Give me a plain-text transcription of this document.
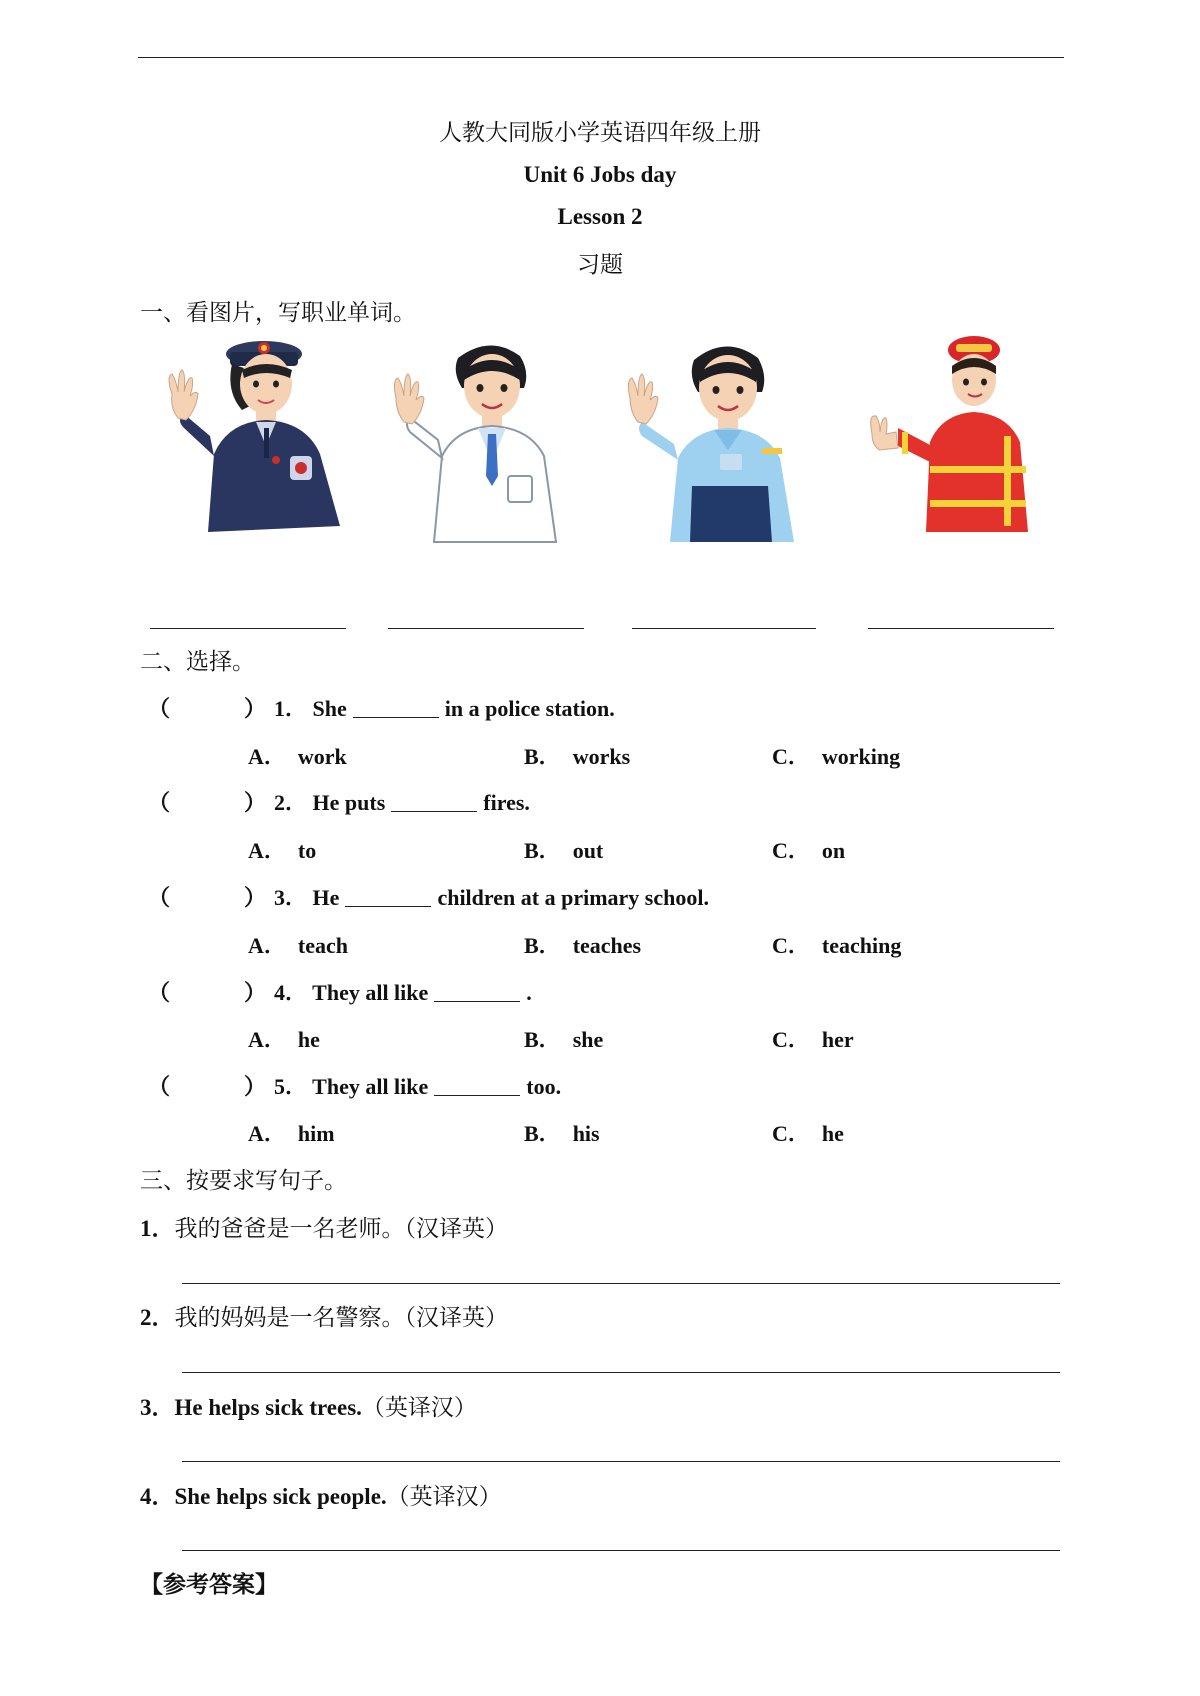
人教大同版小学英语四年级上册
Unit 6 Jobs day
Lesson 2
习题
一、看图片，写职业单词。
二、选择。
（	） 1． She	in a police station.
A． work	B． works	C． working
（	） 2． He puts	fires.
A． to	B． out	C． on
（	） 3． He	children at a primary school.
A． teach	B． teaches	C． teaching
（	） 4． They all like	.
A． he	B． she	C． her
（	） 5． They all like	too.
A． him	B． his	C． he
三、按要求写句子。
1．我的爸爸是一名老师。（汉译英）
2．我的妈妈是一名警察。（汉译英）
3．He helps sick trees.（英译汉）
4．She helps sick people.（英译汉）
【参考答案】
